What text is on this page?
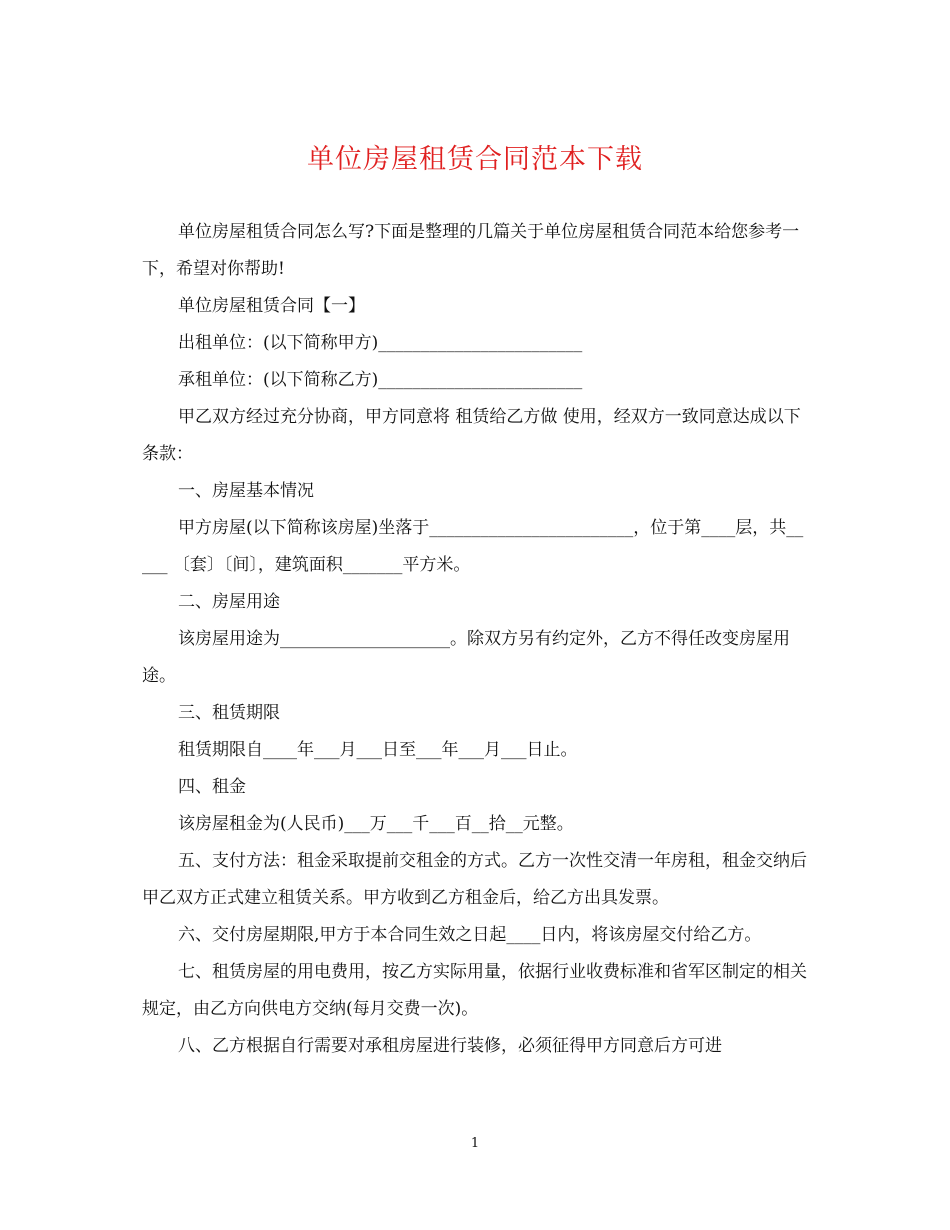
单位房屋租赁合同范本下载

单位房屋租赁合同怎么写?下面是整理的几篇关于单位房屋租赁合同范本给您参考一下，希望对你帮助!

单位房屋租赁合同【一】

出租单位：(以下简称甲方)________________________

承租单位：(以下简称乙方)________________________

甲乙双方经过充分协商，甲方同意将 租赁给乙方做 使用，经双方一致同意达成以下条款：

一、房屋基本情况

甲方房屋(以下简称该房屋)坐落于________________________，位于第____层，共_____ 〔套〕〔间〕，建筑面积_______平方米。

二、房屋用途

该房屋用途为____________________。除双方另有约定外，乙方不得任改变房屋用途。

三、租赁期限

租赁期限自____年___月___日至___年___月___日止。

四、租金

该房屋租金为(人民币)___万___千___百__拾__元整。

五、支付方法：租金采取提前交租金的方式。乙方一次性交清一年房租，租金交纳后甲乙双方正式建立租赁关系。甲方收到乙方租金后，给乙方出具发票。

六、交付房屋期限,甲方于本合同生效之日起____日内，将该房屋交付给乙方。

七、租赁房屋的用电费用，按乙方实际用量，依据行业收费标准和省军区制定的相关规定，由乙方向供电方交纳(每月交费一次)。

八、乙方根据自行需要对承租房屋进行装修，必须征得甲方同意后方可进

1
